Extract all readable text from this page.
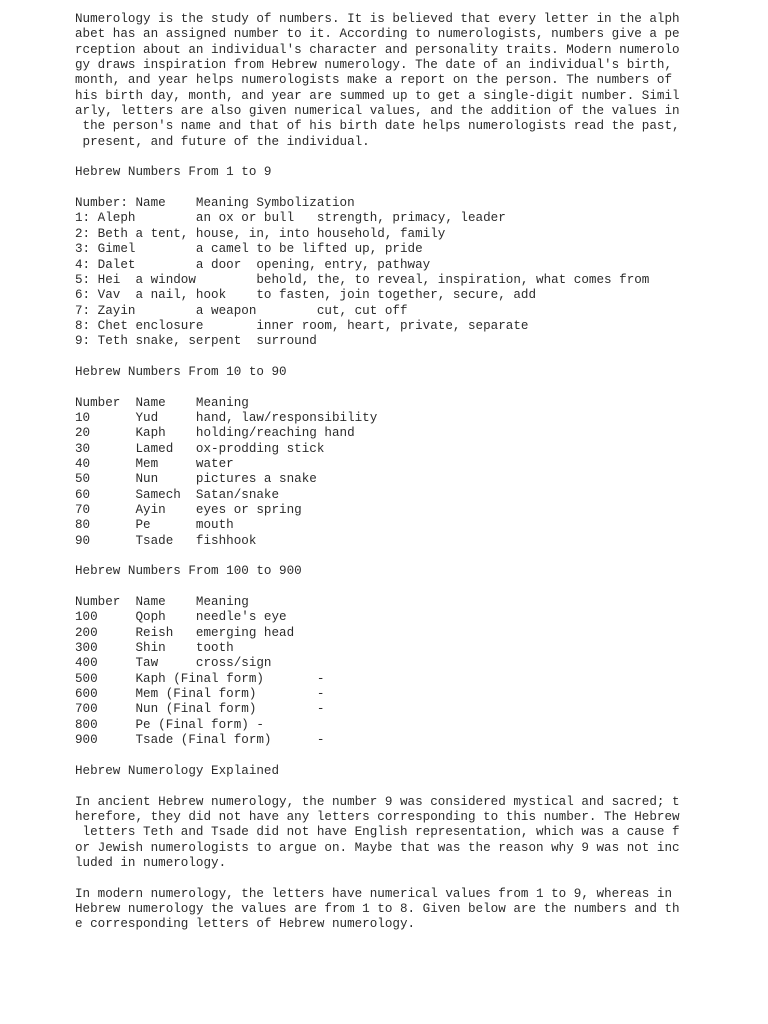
Numerology is the study of numbers. It is believed that every letter in the alph
abet has an assigned number to it. According to numerologists, numbers give a pe
rception about an individual's character and personality traits. Modern numerolo
gy draws inspiration from Hebrew numerology. The date of an individual's birth,
month, and year helps numerologists make a report on the person. The numbers of
his birth day, month, and year are summed up to get a single-digit number. Simil
arly, letters are also given numerical values, and the addition of the values in
the person's name and that of his birth date helps numerologists read the past,
present, and future of the individual.
Hebrew Numbers From 1 to 9
Number: Name    Meaning Symbolization
1: Aleph        an ox or bull   strength, primacy, leader
2: Beth a tent, house, in, into household, family
3: Gimel        a camel to be lifted up, pride
4: Dalet        a door  opening, entry, pathway
5: Hei  a window        behold, the, to reveal, inspiration, what comes from
6: Vav  a nail, hook    to fasten, join together, secure, add
7: Zayin        a weapon        cut, cut off
8: Chet enclosure       inner room, heart, private, separate
9: Teth snake, serpent  surround
Hebrew Numbers From 10 to 90
Number  Name    Meaning
10      Yud     hand, law/responsibility
20      Kaph    holding/reaching hand
30      Lamed   ox-prodding stick
40      Mem     water
50      Nun     pictures a snake
60      Samech  Satan/snake
70      Ayin    eyes or spring
80      Pe      mouth
90      Tsade   fishhook
Hebrew Numbers From 100 to 900
Number  Name    Meaning
100     Qoph    needle's eye
200     Reish   emerging head
300     Shin    tooth
400     Taw     cross/sign
500     Kaph (Final form)       -
600     Mem (Final form)        -
700     Nun (Final form)        -
800     Pe (Final form) -
900     Tsade (Final form)      -
Hebrew Numerology Explained
In ancient Hebrew numerology, the number 9 was considered mystical and sacred; t
herefore, they did not have any letters corresponding to this number. The Hebrew
letters Teth and Tsade did not have English representation, which was a cause f
or Jewish numerologists to argue on. Maybe that was the reason why 9 was not inc
luded in numerology.
In modern numerology, the letters have numerical values from 1 to 9, whereas in
Hebrew numerology the values are from 1 to 8. Given below are the numbers and th
e corresponding letters of Hebrew numerology.
